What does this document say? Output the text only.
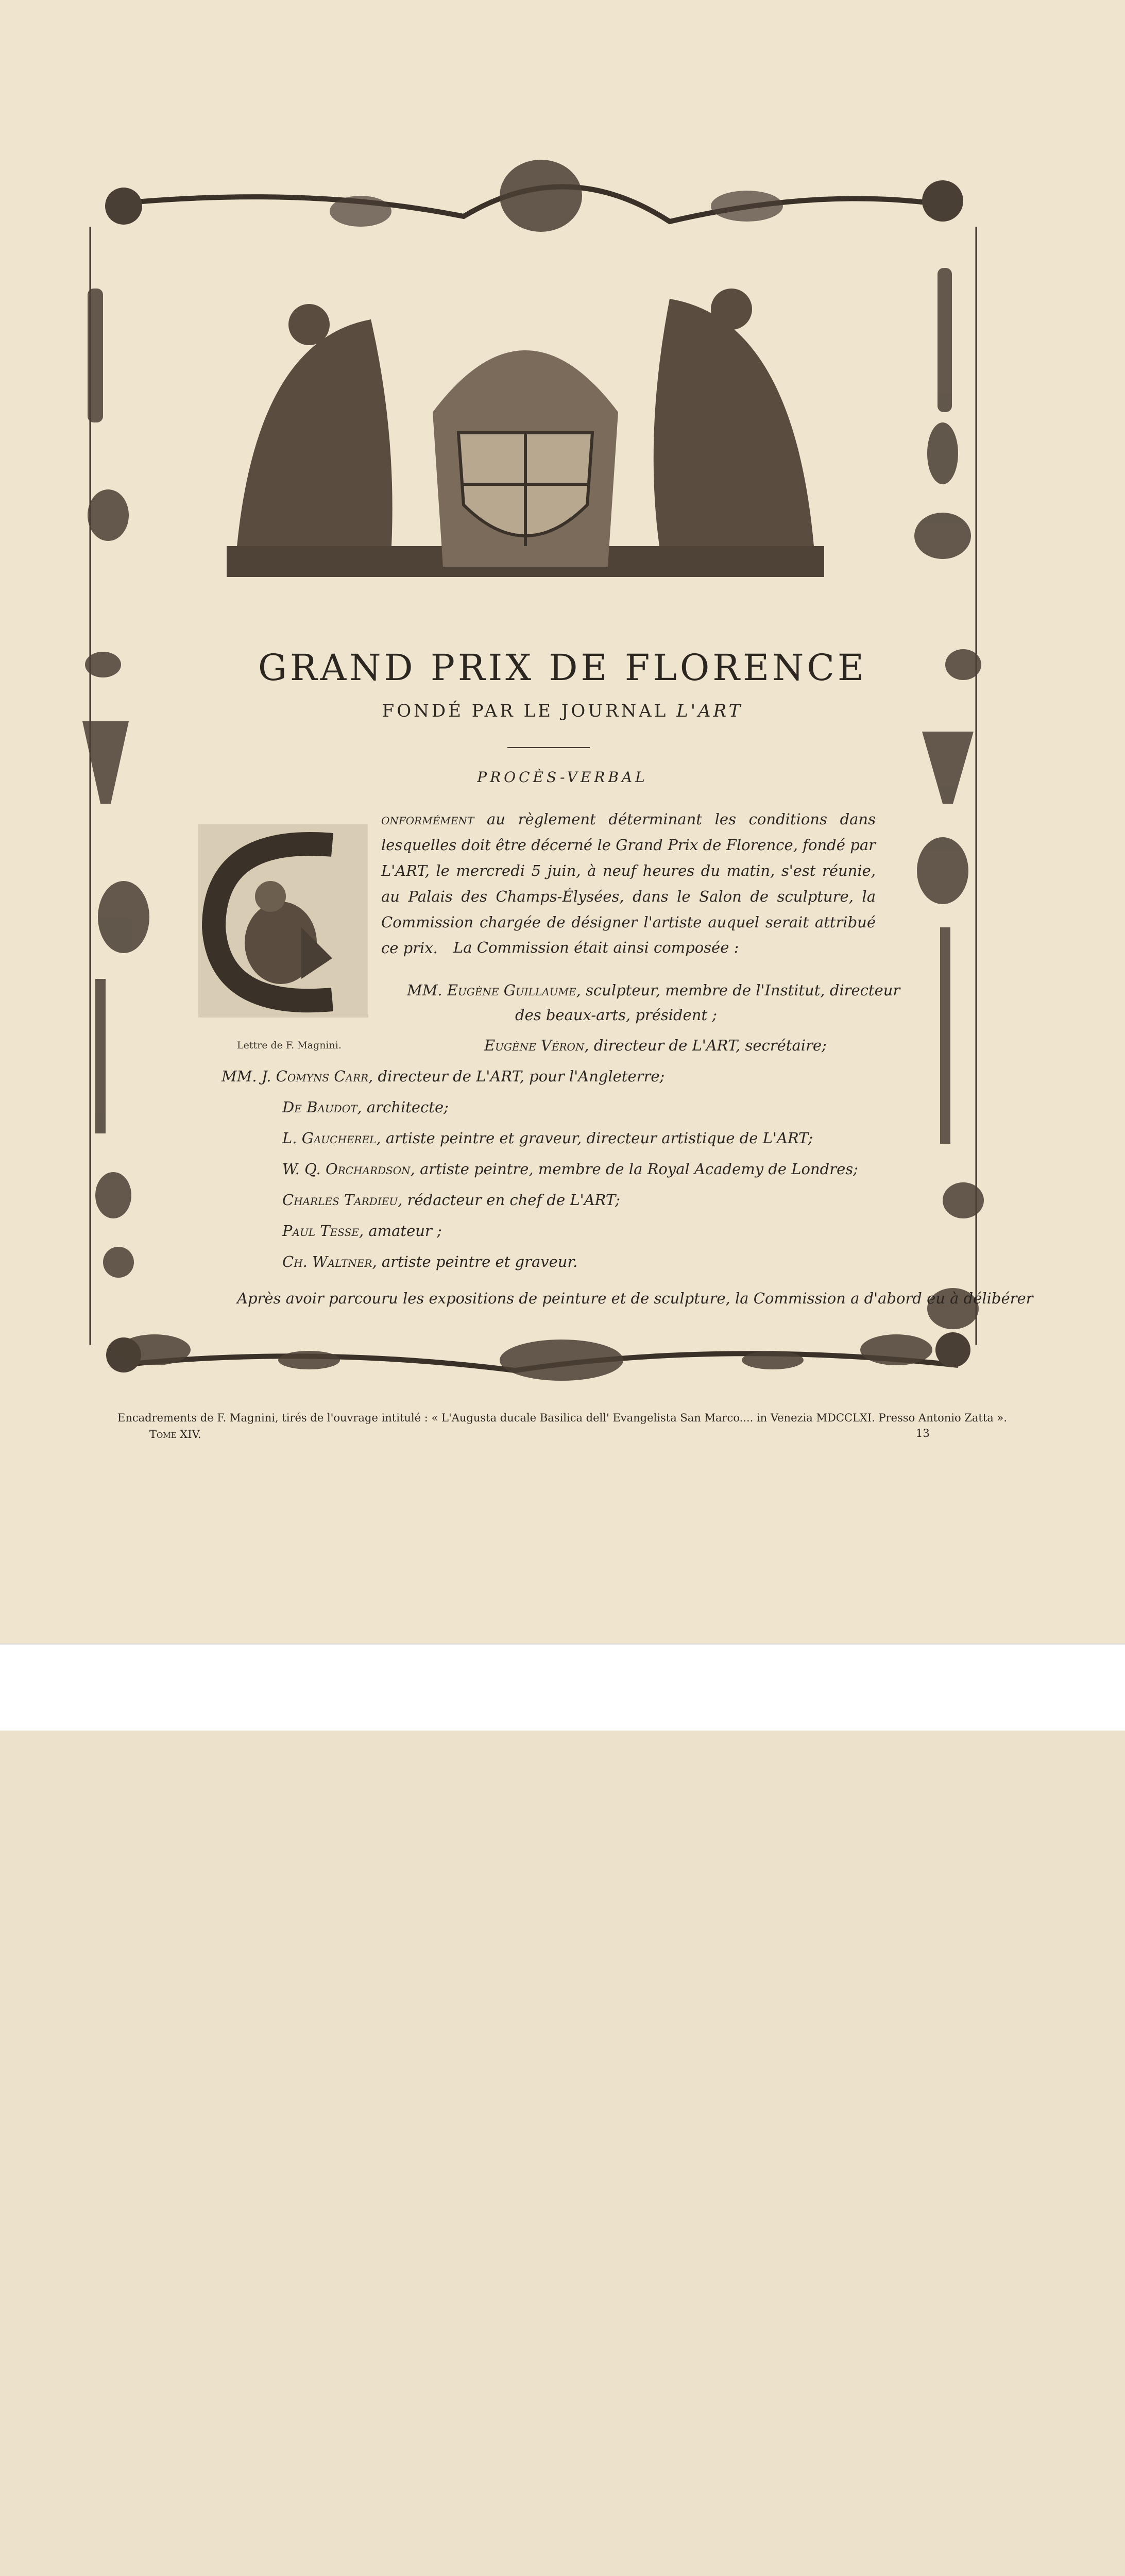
GRAND PRIX DE FLORENCE
FONDÉ PAR LE JOURNAL L'ART
PROCÈS-VERBAL
Lettre de F. Magnini.
onformément au règlement déterminant les conditions dans lesquelles doit être décerné le Grand Prix de Florence, fondé par L'ART, le mercredi 5 juin, à neuf heures du matin, s'est réunie, au Palais des Champs-Élysées, dans le Salon de sculpture, la Commission chargée de désigner l'artiste auquel serait attribué ce prix.	La Commission était ainsi composée :
MM. Eugène Guillaume, sculpteur, membre de l'Institut, directeur
des beaux-arts, président ;
Eugène Véron, directeur de L'ART, secrétaire;
MM. J. Comyns Carr, directeur de L'ART, pour l'Angleterre;
De Baudot, architecte;
L. Gaucherel, artiste peintre et graveur, directeur artistique de L'ART;
W. Q. Orchardson, artiste peintre, membre de la Royal Academy de Londres;
Charles Tardieu, rédacteur en chef de L'ART;
Paul Tesse, amateur ;
Ch. Waltner, artiste peintre et graveur.
Après avoir parcouru les expositions de peinture et de sculpture, la Commission a d'abord eu à délibérer
Encadrements de F. Magnini, tirés de l'ouvrage intitulé : « L'Augusta ducale Basilica dell' Evangelista San Marco.... in Venezia MDCCLXI. Presso Antonio Zatta ».
Tome XIV.	13
